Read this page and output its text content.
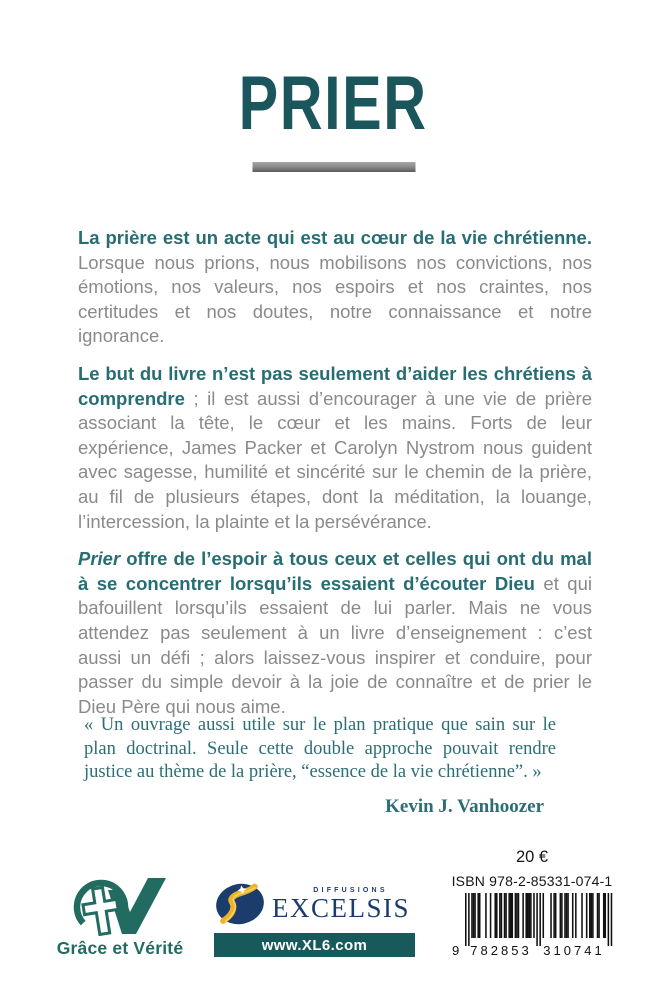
PRIER

La prière est un acte qui est au cœur de la vie chrétienne. Lorsque nous prions, nous mobilisons nos convictions, nos émotions, nos valeurs, nos espoirs et nos craintes, nos certitudes et nos doutes, notre connaissance et notre ignorance.

Le but du livre n’est pas seulement d’aider les chrétiens à comprendre ; il est aussi d’encourager à une vie de prière associant la tête, le cœur et les mains. Forts de leur expérience, James Packer et Carolyn Nystrom nous guident avec sagesse, humilité et sincérité sur le chemin de la prière, au fil de plusieurs étapes, dont la méditation, la louange, l’intercession, la plainte et la persévérance.

Prier offre de l’espoir à tous ceux et celles qui ont du mal à se concentrer lorsqu’ils essaient d’écouter Dieu et qui bafouillent lorsqu’ils essaient de lui parler. Mais ne vous attendez pas seulement à un livre d’enseignement : c’est aussi un défi ; alors laissez-vous inspirer et conduire, pour passer du simple devoir à la joie de connaître et de prier le Dieu Père qui nous aime.

« Un ouvrage aussi utile sur le plan pratique que sain sur le plan doctrinal. Seule cette double approche pouvait rendre justice au thème de la prière, “essence de la vie chrétienne”. »
Kevin J. Vanhoozer
Grâce et Vérité
DIFFUSIONS
EXCELSIS
www.XL6.com
20 €
ISBN 978-2-85331-074-1
9 782853 310741
